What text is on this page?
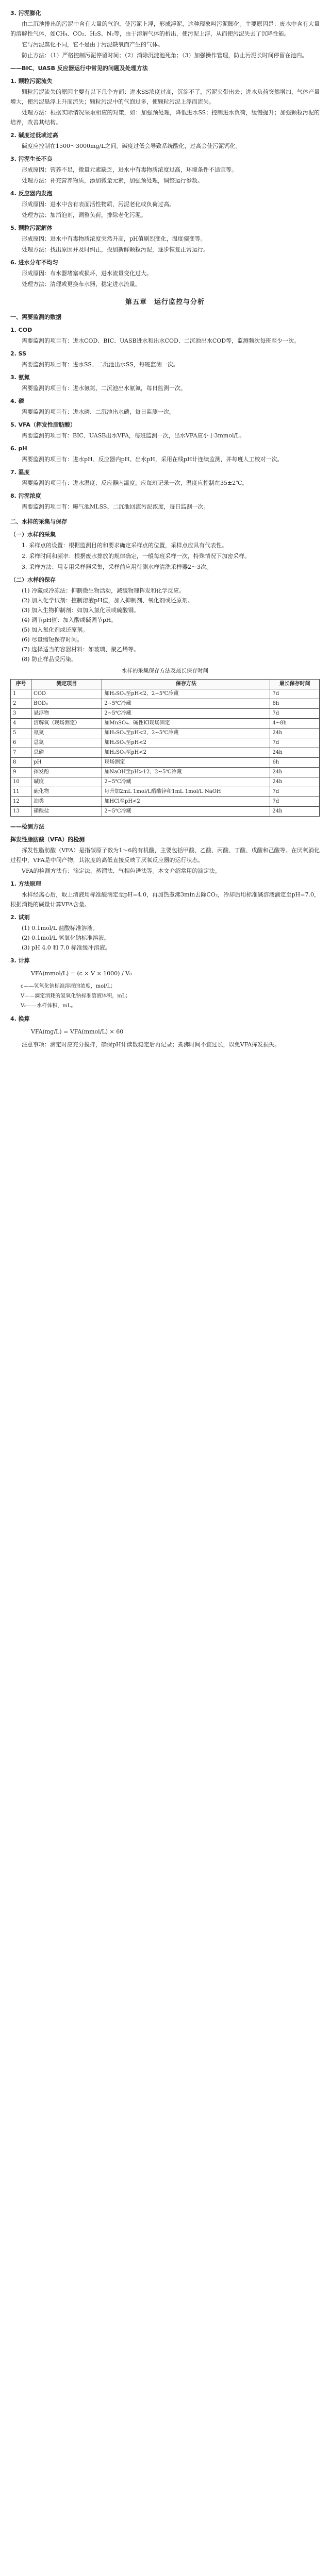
3. 污泥膨化
由二沉池排出的污泥中含有大量的气泡，使污泥上浮，形成浮泥，这种现象叫污泥膨化。主要原因是：废水中含有大量的溶解性气体，如CH₄、CO₂、H₂S、N₂等，由于溶解气体的析出，使污泥上浮，从而使污泥失去了沉降性能。
它与污泥腐化不同，它不是由于污泥缺氧而产生的气体。
防止方法：（1）严格控制污泥停留时间；（2）消除沉淀池死角；（3）加强操作管理，防止污泥长时间停留在池内。
——BIC、UASB 反应器运行中常见的问题及处理方法
1. 颗粒污泥流失
颗粒污泥流失的原因主要有以下几个方面：进水SS浓度过高，沉淀不了，污泥夹带出去；进水负荷突然增加，气体产量增大，使污泥悬浮上升而流失；颗粒污泥中的气泡过多，使颗粒污泥上浮而流失。
处理方法：根据实际情况采取相应的对策，如：加强预处理，降低进水SS；控制进水负荷，缓慢提升；加强颗粒污泥的培养，改善其结构。
2. 碱度过低或过高
碱度应控制在1500～3000mg/L之间。碱度过低会导致系统酸化，过高会使污泥钙化。
3. 污泥生长不良
形成原因：营养不足，微量元素缺乏，进水中有毒物质浓度过高，环境条件不适宜等。
处理方法：补充营养物质，添加微量元素，加强预处理，调整运行参数。
4. 反应器内发泡
形成原因：进水中含有表面活性物质，污泥老化或负荷过高。
处理方法：加消泡剂，调整负荷，排除老化污泥。
5. 颗粒污泥解体
形成原因：进水中有毒物质浓度突然升高，pH值剧烈变化，温度骤变等。
处理方法：找出原因并及时纠正，投加新鲜颗粒污泥，逐步恢复正常运行。
6. 进水分布不均匀
形成原因：布水器堵塞或损坏，进水流量变化过大。
处理方法：清理或更换布水器，稳定进水流量。
第五章　运行监控与分析
一、需要监测的数据
1. COD
需要监测的项目有：进水COD、BIC、UASB进水和出水COD、二沉池出水COD等，监测频次每班至少一次。
2. SS
需要监测的项目有：进水SS、二沉池出水SS，每班监测一次。
3. 氨氮
需要监测的项目有：进水氨氮、二沉池出水氨氮，每日监测一次。
4. 磷
需要监测的项目有：进水磷、二沉池出水磷，每日监测一次。
5. VFA（挥发性脂肪酸）
需要监测的项目有：BIC、UASB出水VFA，每班监测一次，出水VFA应小于3mmol/L。
6. pH
需要监测的项目有：进水pH、反应器内pH、出水pH，采用在线pH计连续监测，并每班人工校对一次。
7. 温度
需要监测的项目有：进水温度、反应器内温度，应每班记录一次，温度应控制在35±2℃。
8. 污泥浓度
需要监测的项目有：曝气池MLSS、二沉池回流污泥浓度，每日监测一次。
二、水样的采集与保存
（一）水样的采集
1. 采样点的设置：根据监测目的和要求确定采样点的位置，采样点应具有代表性。
2. 采样时间和频率：根据废水排放的规律确定，一般每班采样一次，特殊情况下加密采样。
3. 采样方法：用专用采样器采集，采样前应用待测水样清洗采样器2～3次。
（二）水样的保存
(1) 冷藏或冷冻法：抑制微生物活动，减缓物理挥发和化学反应。
(2) 加入化学试剂：控制溶液pH值，加入抑制剂、氧化剂或还原剂。
(3) 加入生物抑制剂：如加入氯化汞或硫酸铜。
(4) 调节pH值：加入酸或碱调节pH。
(5) 加入氧化剂或还原剂。
(6) 尽量缩短保存时间。
(7) 选择适当的容器材料：如玻璃、聚乙烯等。
(8) 防止样品受污染。
水样的采集保存方法及最长保存时间
序号	测定项目	保存方法	最长保存时间
1	COD	加H₂SO₄至pH<2，2~5℃冷藏	7d
2	BOD₅	2~5℃冷藏	6h
3	悬浮物	2~5℃冷藏	7d
4	溶解氧（现场测定）	加MnSO₄、碱性KI现场固定	4~8h
5	氨氮	加H₂SO₄至pH<2，2~5℃冷藏	24h
6	总氮	加H₂SO₄至pH<2	7d
7	总磷	加H₂SO₄至pH<2	24h
8	pH	现场测定	6h
9	挥发酚	加NaOH至pH>12，2~5℃冷藏	24h
10	碱度	2~5℃冷藏	24h
11	硫化物	每升加2mL 1mol/L醋酸锌和1mL 1mol/L NaOH	7d
12	油类	加HCl至pH<2	7d
13	硝酸盐	2~5℃冷藏	24h
——检测方法
挥发性脂肪酸（VFA）的检测
挥发性脂肪酸（VFA）是指碳原子数为1～6的有机酸，主要包括甲酸、乙酸、丙酸、丁酸、戊酸和己酸等。在厌氧消化过程中，VFA是中间产物，其浓度的高低直接反映了厌氧反应器的运行状态。
VFA的检测方法有：滴定法、蒸馏法、气相色谱法等。本文介绍常用的滴定法。
1. 方法原理
水样经离心后，取上清液用标准酸滴定至pH=4.0，再加热煮沸3min去除CO₂，冷却后用标准碱溶液滴定至pH=7.0，根据消耗的碱量计算VFA含量。
2. 试剂
(1) 0.1mol/L 盐酸标准溶液。
(2) 0.1mol/L 氢氧化钠标准溶液。
(3) pH 4.0 和 7.0 标准缓冲溶液。
3. 计算
VFA(mmol/L) = (c × V × 1000) / V₀
c——氢氧化钠标准溶液的浓度，mol/L；
V——滴定消耗的氢氧化钠标准溶液体积，mL；
V₀——水样体积，mL。
4. 换算
VFA(mg/L) = VFA(mmol/L) × 60
注意事项：滴定时应充分搅拌，确保pH计读数稳定后再记录；煮沸时间不宜过长，以免VFA挥发损失。
